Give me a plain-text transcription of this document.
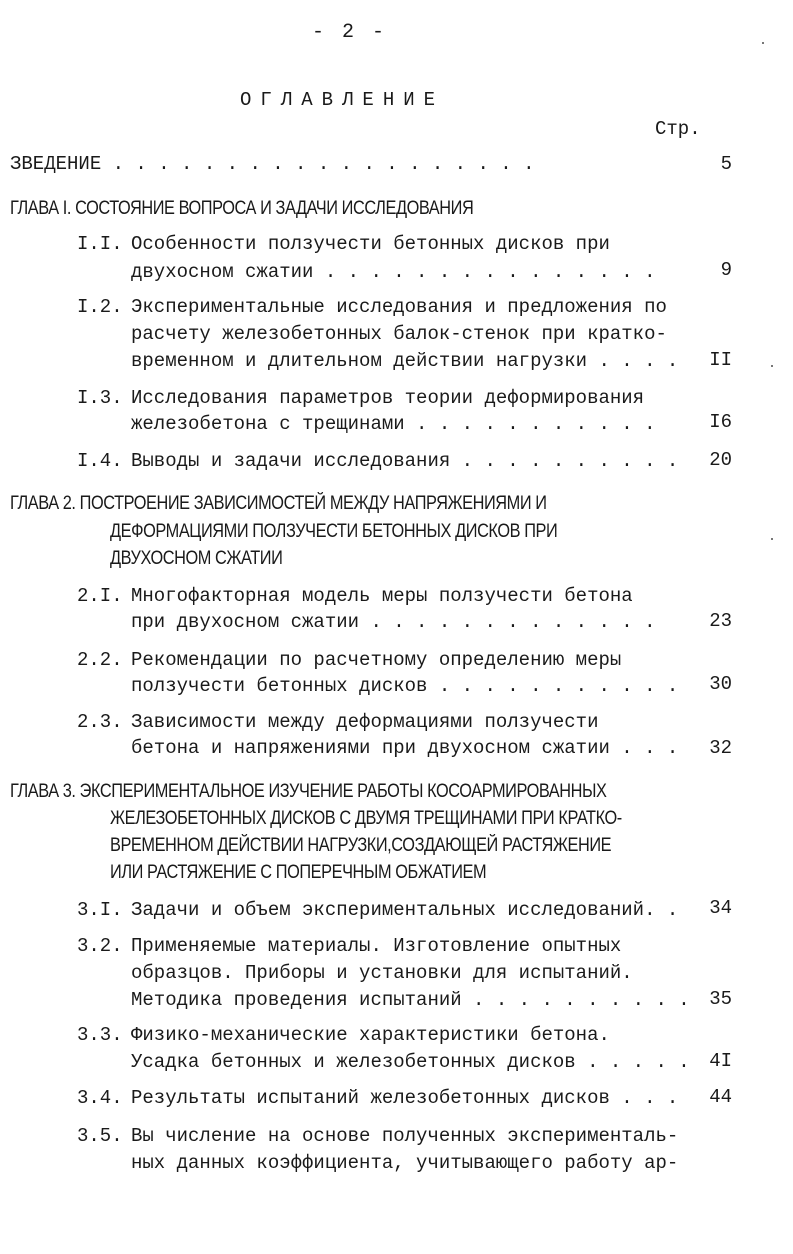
- 2 -
ОГЛАВЛЕНИЕ
Стр.
ЗВЕДЕНИЕ . . . . . . . . . . . . . . . . . . .	5
ГЛАВА I. СОСТОЯНИЕ ВОПРОСА И ЗАДАЧИ ИССЛЕДОВАНИЯ
I.I. Особенности ползучести бетонных дисков при
двухосном сжатии . . . . . . . . . . . . . . .	9
I.2. Экспериментальные исследования и предложения по
расчету железобетонных балок-стенок при кратко-
временном и длительном действии нагрузки . . . .	II
I.3. Исследования параметров теории деформирования
железобетона с трещинами . . . . . . . . . . .	I6
I.4. Выводы и задачи исследования . . . . . . . . . .	20
ГЛАВА 2. ПОСТРОЕНИЕ ЗАВИСИМОСТЕЙ МЕЖДУ НАПРЯЖЕНИЯМИ И
ДЕФОРМАЦИЯМИ ПОЛЗУЧЕСТИ БЕТОННЫХ ДИСКОВ ПРИ
ДВУХОСНОМ СЖАТИИ
2.I. Многофакторная модель меры ползучести бетона
при двухосном сжатии . . . . . . . . . . . . .	23
2.2. Рекомендации по расчетному определению меры
ползучести бетонных дисков . . . . . . . . . . .	30
2.3. Зависимости между деформациями ползучести
бетона и напряжениями при двухосном сжатии . . .	32
ГЛАВА 3. ЭКСПЕРИМЕНТАЛЬНОЕ ИЗУЧЕНИЕ РАБОТЫ КОСОАРМИРОВАННЫХ
ЖЕЛЕЗОБЕТОННЫХ ДИСКОВ С ДВУМЯ ТРЕЩИНАМИ ПРИ КРАТКО-
ВРЕМЕННОМ ДЕЙСТВИИ НАГРУЗКИ,СОЗДАЮЩЕЙ РАСТЯЖЕНИЕ
ИЛИ РАСТЯЖЕНИЕ С ПОПЕРЕЧНЫМ ОБЖАТИЕМ
3.I. Задачи и объем экспериментальных исследований. .	34
3.2. Применяемые материалы. Изготовление опытных
образцов. Приборы и установки для испытаний.
Методика проведения испытаний . . . . . . . . . .	35
3.3. Физико-механические характеристики бетона.
Усадка бетонных и железобетонных дисков . . . . .	4I
3.4. Результаты испытаний железобетонных дисков . . .	44
3.5. Вы числение на основе полученных эксперименталь-
ных данных коэффициента, учитывающего работу ар-
